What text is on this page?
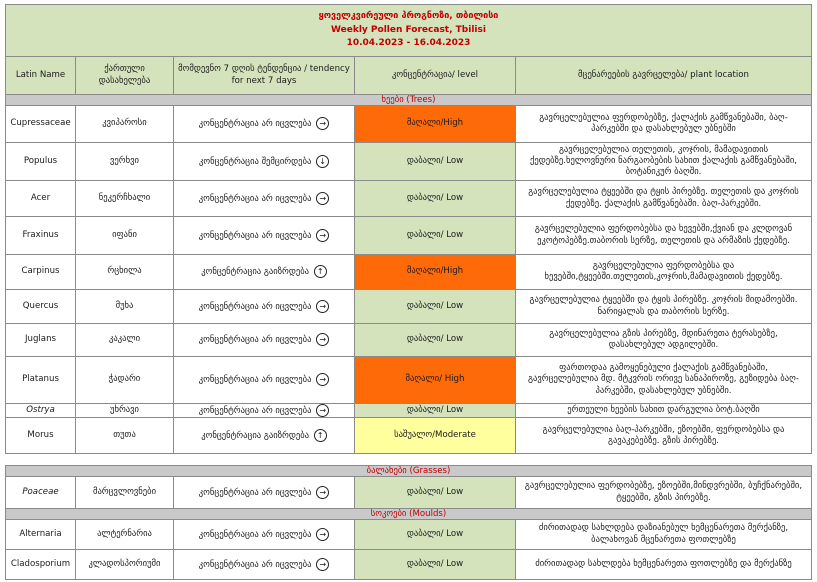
ყოველკვირეული პროგნოზი, თბილისი
Weekly Pollen Forecast, Tbilisi
10.04.2023 - 16.04.2023				

Latin Name	ქართული დასახელება	მომდევნო 7 დღის ტენდენცია / tendency for next 7 days	კონცენტრაცია/ level	მცენარეების გავრცელება/ plant location
ხეები (Trees)				
Cupressaceae	კვიპაროსი	კონცენტრაცია არ იცვლება →	მაღალი/High	გავრცელებულია ფერდობებზე, ქალაქის გამწვანებაში, ბაღ-პარკებში და დასახლებულ უბნებში
Populus	ვერხვი	კონცენტრაცია შემცირდება ↓	დაბალი/ Low	გავრცელებულია თელეთის, კოჯრის, მამადავითის ქედებზე.ხელოვნური ნარგაობების სახით ქალაქის გამწვანებაში, ბოტანიკურ ბაღში.
Acer	ნეკერჩხალი	კონცენტრაცია არ იცვლება →	დაბალი/ Low	გავრცელებულია ტყეებში და ტყის პირებზე. თელეთის და კოჯრის ქედებზე. ქალაქის გამწვანებაში. ბაღ-პარკებში.
Fraxinus	იფანი	კონცენტრაცია არ იცვლება →	დაბალი/ Low	გავრცელებულია ფერდობებსა და ხევებში,ქვიან და კლდოვან ეკოტოპებზე.თაბორის სერზე, თელეთის და არმაზის ქედებზე.
Carpinus	რცხილა	კონცენტრაცია გაიზრდება ↑	მაღალი/High	გავრცელებულია ფერდობებსა და ხევებში,ტყეებში.თელეთის,კოჯრის,მამადავითის ქედებზე.
Quercus	მუხა	კონცენტრაცია არ იცვლება →	დაბალი/ Low	გავრცელებულია ტყეებში და ტყის პირებზე. კოჯრის მიდამოებში. ნარიყალას და თაბორის სერზე.
Juglans	კაკალი	კონცენტრაცია არ იცვლება →	დაბალი/ Low	გავრცელებულია გზის პირებზე, მდინარეთა ტერასებზე, დასახლებულ ადგილებში.
Platanus	ჭადარი	კონცენტრაცია არ იცვლება →	მაღალი/ High	ფართოდაა გამოყენებული ქალაქის გამწვანებაში, გავრცელებულია მდ. მტკვრის ორივე სანაპიროზე, გეზიდება ბაღ-პარკებში, დასახლებულ უბნებში.
Ostrya	უხრავი	კონცენტრაცია არ იცვლება →	დაბალი/ Low	ერთეული ხეების სახით დარგულია ბოტ.ბაღში
Morus	თუთა	კონცენტრაცია გაიზრდება ↑	საშუალო/Moderate	გავრცელებულია ბაღ-პარკებში, ეზოებში, ფერდობებსა და გავაკებებზე. გზის პირებზე.
ბალახები (Grasses)				
Poaceae	მარცვლოვნები	კონცენტრაცია არ იცვლება →	დაბალი/ Low	გავრცელებულია ფერდობებზე, ეზოებში,მინდვრებში, ბუჩქნარებში, ტყეებში, გზის პირებზე.
სოკოები (Moulds)				
Alternaria	ალტერნარია	კონცენტრაცია არ იცვლება →	დაბალი/ Low	ძირითადად სახლდება დაზიანებულ ხემცენარეთა მერქანზე, ბალახოვან მცენარეთა ფოთლებზე
Cladosporium	კლადოსპორიუმი	კონცენტრაცია არ იცვლება →	დაბალი/ Low	ძირითადად სახლდება ხემცენარეთა ფოთლებზე და მერქანზე
